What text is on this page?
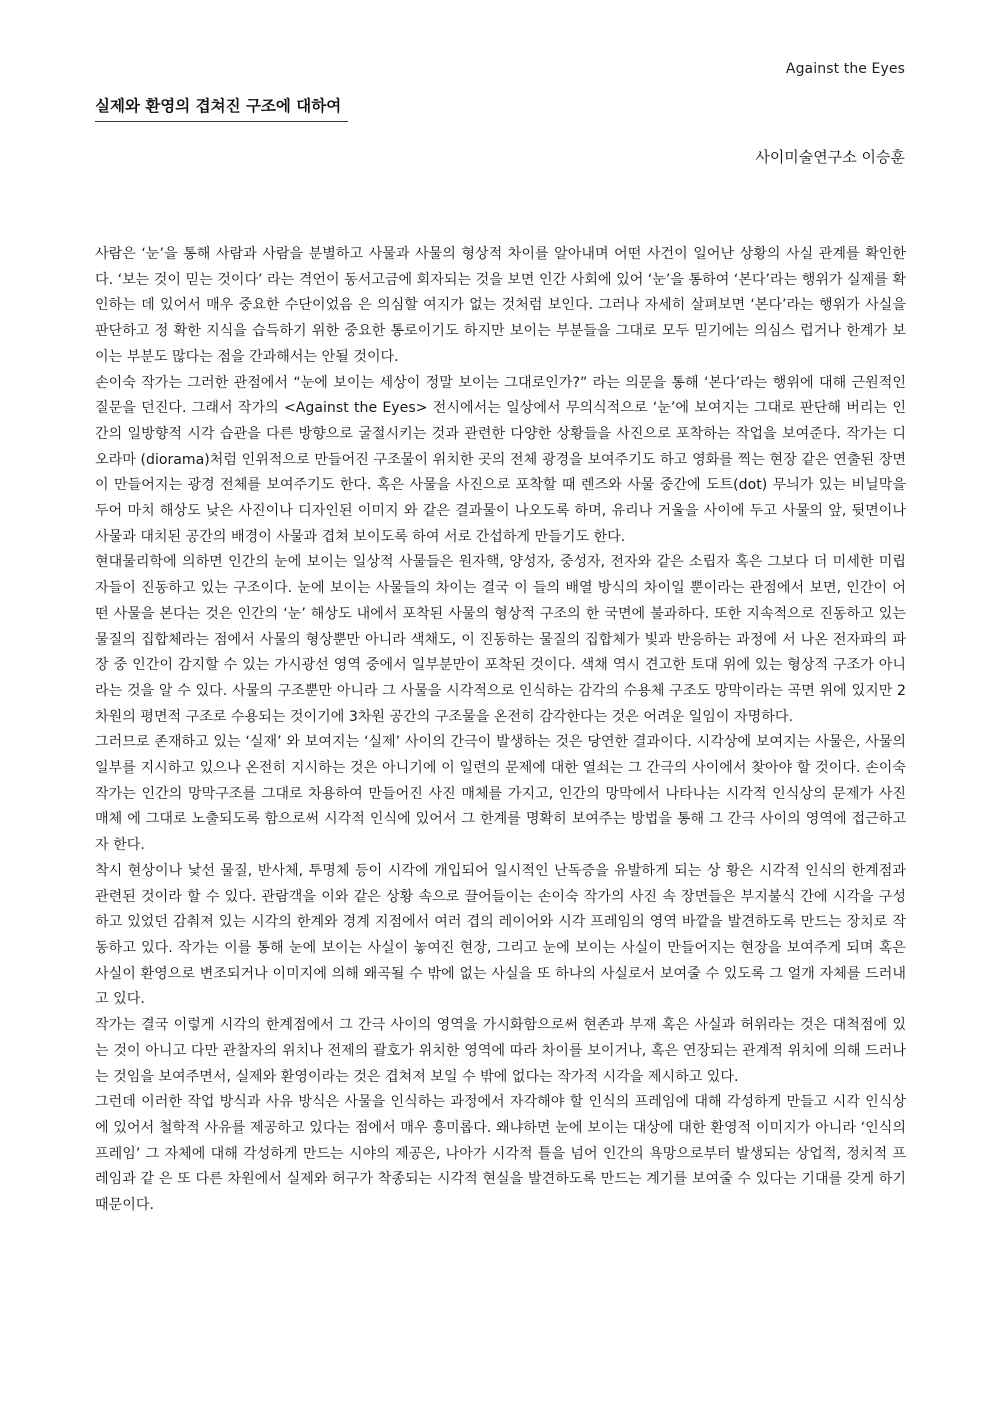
Against the Eyes
실제와 환영의 겹쳐진 구조에 대하여
사이미술연구소 이승훈

사람은 ‘눈’을 통해 사람과 사람을 분별하고 사물과 사물의 형상적 차이를 알아내며 어떤 사건이 일어난 상황의 사실 관계를 확인한다. ‘보는 것이 믿는 것이다’ 라는 격언이 동서고금에 회자되는 것을 보면 인간 사회에 있어 ‘눈’을 통하여 ‘본다’라는 행위가 실제를 확인하는 데 있어서 매우 중요한 수단이었음 은 의심할 여지가 없는 것처럼 보인다. 그러나 자세히 살펴보면 ‘본다’라는 행위가 사실을 판단하고 정 확한 지식을 습득하기 위한 중요한 통로이기도 하지만 보이는 부분들을 그대로 모두 믿기에는 의심스 럽거나 한계가 보이는 부분도 많다는 점을 간과해서는 안될 것이다.

손이숙 작가는 그러한 관점에서 “눈에 보이는 세상이 정말 보이는 그대로인가?” 라는 의문을 통해 ‘본다’라는 행위에 대해 근원적인 질문을 던진다. 그래서 작가의 <Against the Eyes> 전시에서는 일상에서 무의식적으로 ‘눈’에 보여지는 그대로 판단해 버리는 인간의 일방향적 시각 습관을 다른 방향으로 굴절시키는 것과 관련한 다양한 상황들을 사진으로 포착하는 작업을 보여준다. 작가는 디오라마 (diorama)처럼 인위적으로 만들어진 구조물이 위치한 곳의 전체 광경을 보여주기도 하고 영화를 찍는 현장 같은 연출된 장면이 만들어지는 광경 전체를 보여주기도 한다. 혹은 사물을 사진으로 포착할 때 렌즈와 사물 중간에 도트(dot) 무늬가 있는 비닐막을 두어 마치 해상도 낮은 사진이나 디자인된 이미지 와 같은 결과물이 나오도록 하며, 유리나 거울을 사이에 두고 사물의 앞, 뒷면이나 사물과 대치된 공간의 배경이 사물과 겹쳐 보이도록 하여 서로 간섭하게 만들기도 한다.

현대물리학에 의하면 인간의 눈에 보이는 일상적 사물들은 원자핵, 양성자, 중성자, 전자와 같은 소립자 혹은 그보다 더 미세한 미립자들이 진동하고 있는 구조이다. 눈에 보이는 사물들의 차이는 결국 이 들의 배열 방식의 차이일 뿐이라는 관점에서 보면, 인간이 어떤 사물을 본다는 것은 인간의 ‘눈’ 해상도 내에서 포착된 사물의 형상적 구조의 한 국면에 불과하다. 또한 지속적으로 진동하고 있는 물질의 집합체라는 점에서 사물의 형상뿐만 아니라 색채도, 이 진동하는 물질의 집합체가 빛과 반응하는 과정에 서 나온 전자파의 파장 중 인간이 감지할 수 있는 가시광선 영역 중에서 일부분만이 포착된 것이다. 색채 역시 견고한 토대 위에 있는 형상적 구조가 아니라는 것을 알 수 있다. 사물의 구조뿐만 아니라 그 사물을 시각적으로 인식하는 감각의 수용체 구조도 망막이라는 곡면 위에 있지만 2차원의 평면적 구조로 수용되는 것이기에 3차원 공간의 구조물을 온전히 감각한다는 것은 어려운 일임이 자명하다.

그러므로 존재하고 있는 ‘실재’ 와 보여지는 ‘실제’ 사이의 간극이 발생하는 것은 당연한 결과이다. 시각상에 보여지는 사물은, 사물의 일부를 지시하고 있으나 온전히 지시하는 것은 아니기에 이 일련의 문제에 대한 열쇠는 그 간극의 사이에서 찾아야 할 것이다. 손이숙 작가는 인간의 망막구조를 그대로 차용하여 만들어진 사진 매체를 가지고, 인간의 망막에서 나타나는 시각적 인식상의 문제가 사진 매체 에 그대로 노출되도록 함으로써 시각적 인식에 있어서 그 한계를 명확히 보여주는 방법을 통해 그 간극 사이의 영역에 접근하고자 한다.

착시 현상이나 낯선 물질, 반사체, 투명체 등이 시각에 개입되어 일시적인 난독증을 유발하게 되는 상 황은 시각적 인식의 한계점과 관련된 것이라 할 수 있다. 관람객을 이와 같은 상황 속으로 끌어들이는 손이숙 작가의 사진 속 장면들은 부지불식 간에 시각을 구성하고 있었던 감춰져 있는 시각의 한계와 경계 지점에서 여러 겹의 레이어와 시각 프레임의 영역 바깥을 발견하도록 만드는 장치로 작동하고 있다. 작가는 이를 통해 눈에 보이는 사실이 놓여진 현장, 그리고 눈에 보이는 사실이 만들어지는 현장을 보여주게 되며 혹은 사실이 환영으로 변조되거나 이미지에 의해 왜곡될 수 밖에 없는 사실을 또 하나의 사실로서 보여줄 수 있도록 그 얼개 자체를 드러내고 있다.

작가는 결국 이렇게 시각의 한계점에서 그 간극 사이의 영역을 가시화함으로써 현존과 부재 혹은 사실과 허위라는 것은 대척점에 있는 것이 아니고 다만 관찰자의 위치나 전제의 괄호가 위치한 영역에 따라 차이를 보이거나, 혹은 연장되는 관계적 위치에 의해 드러나는 것임을 보여주면서, 실제와 환영이라는 것은 겹쳐져 보일 수 밖에 없다는 작가적 시각을 제시하고 있다.

그런데 이러한 작업 방식과 사유 방식은 사물을 인식하는 과정에서 자각해야 할 인식의 프레임에 대해 각성하게 만들고 시각 인식상에 있어서 철학적 사유를 제공하고 있다는 점에서 매우 흥미롭다. 왜냐하면 눈에 보이는 대상에 대한 환영적 이미지가 아니라 ‘인식의 프레임’ 그 자체에 대해 각성하게 만드는 시야의 제공은, 나아가 시각적 틀을 넘어 인간의 욕망으로부터 발생되는 상업적, 정치적 프레임과 같 은 또 다른 차원에서 실제와 허구가 착종되는 시각적 현실을 발견하도록 만드는 계기를 보여줄 수 있다는 기대를 갖게 하기 때문이다.
